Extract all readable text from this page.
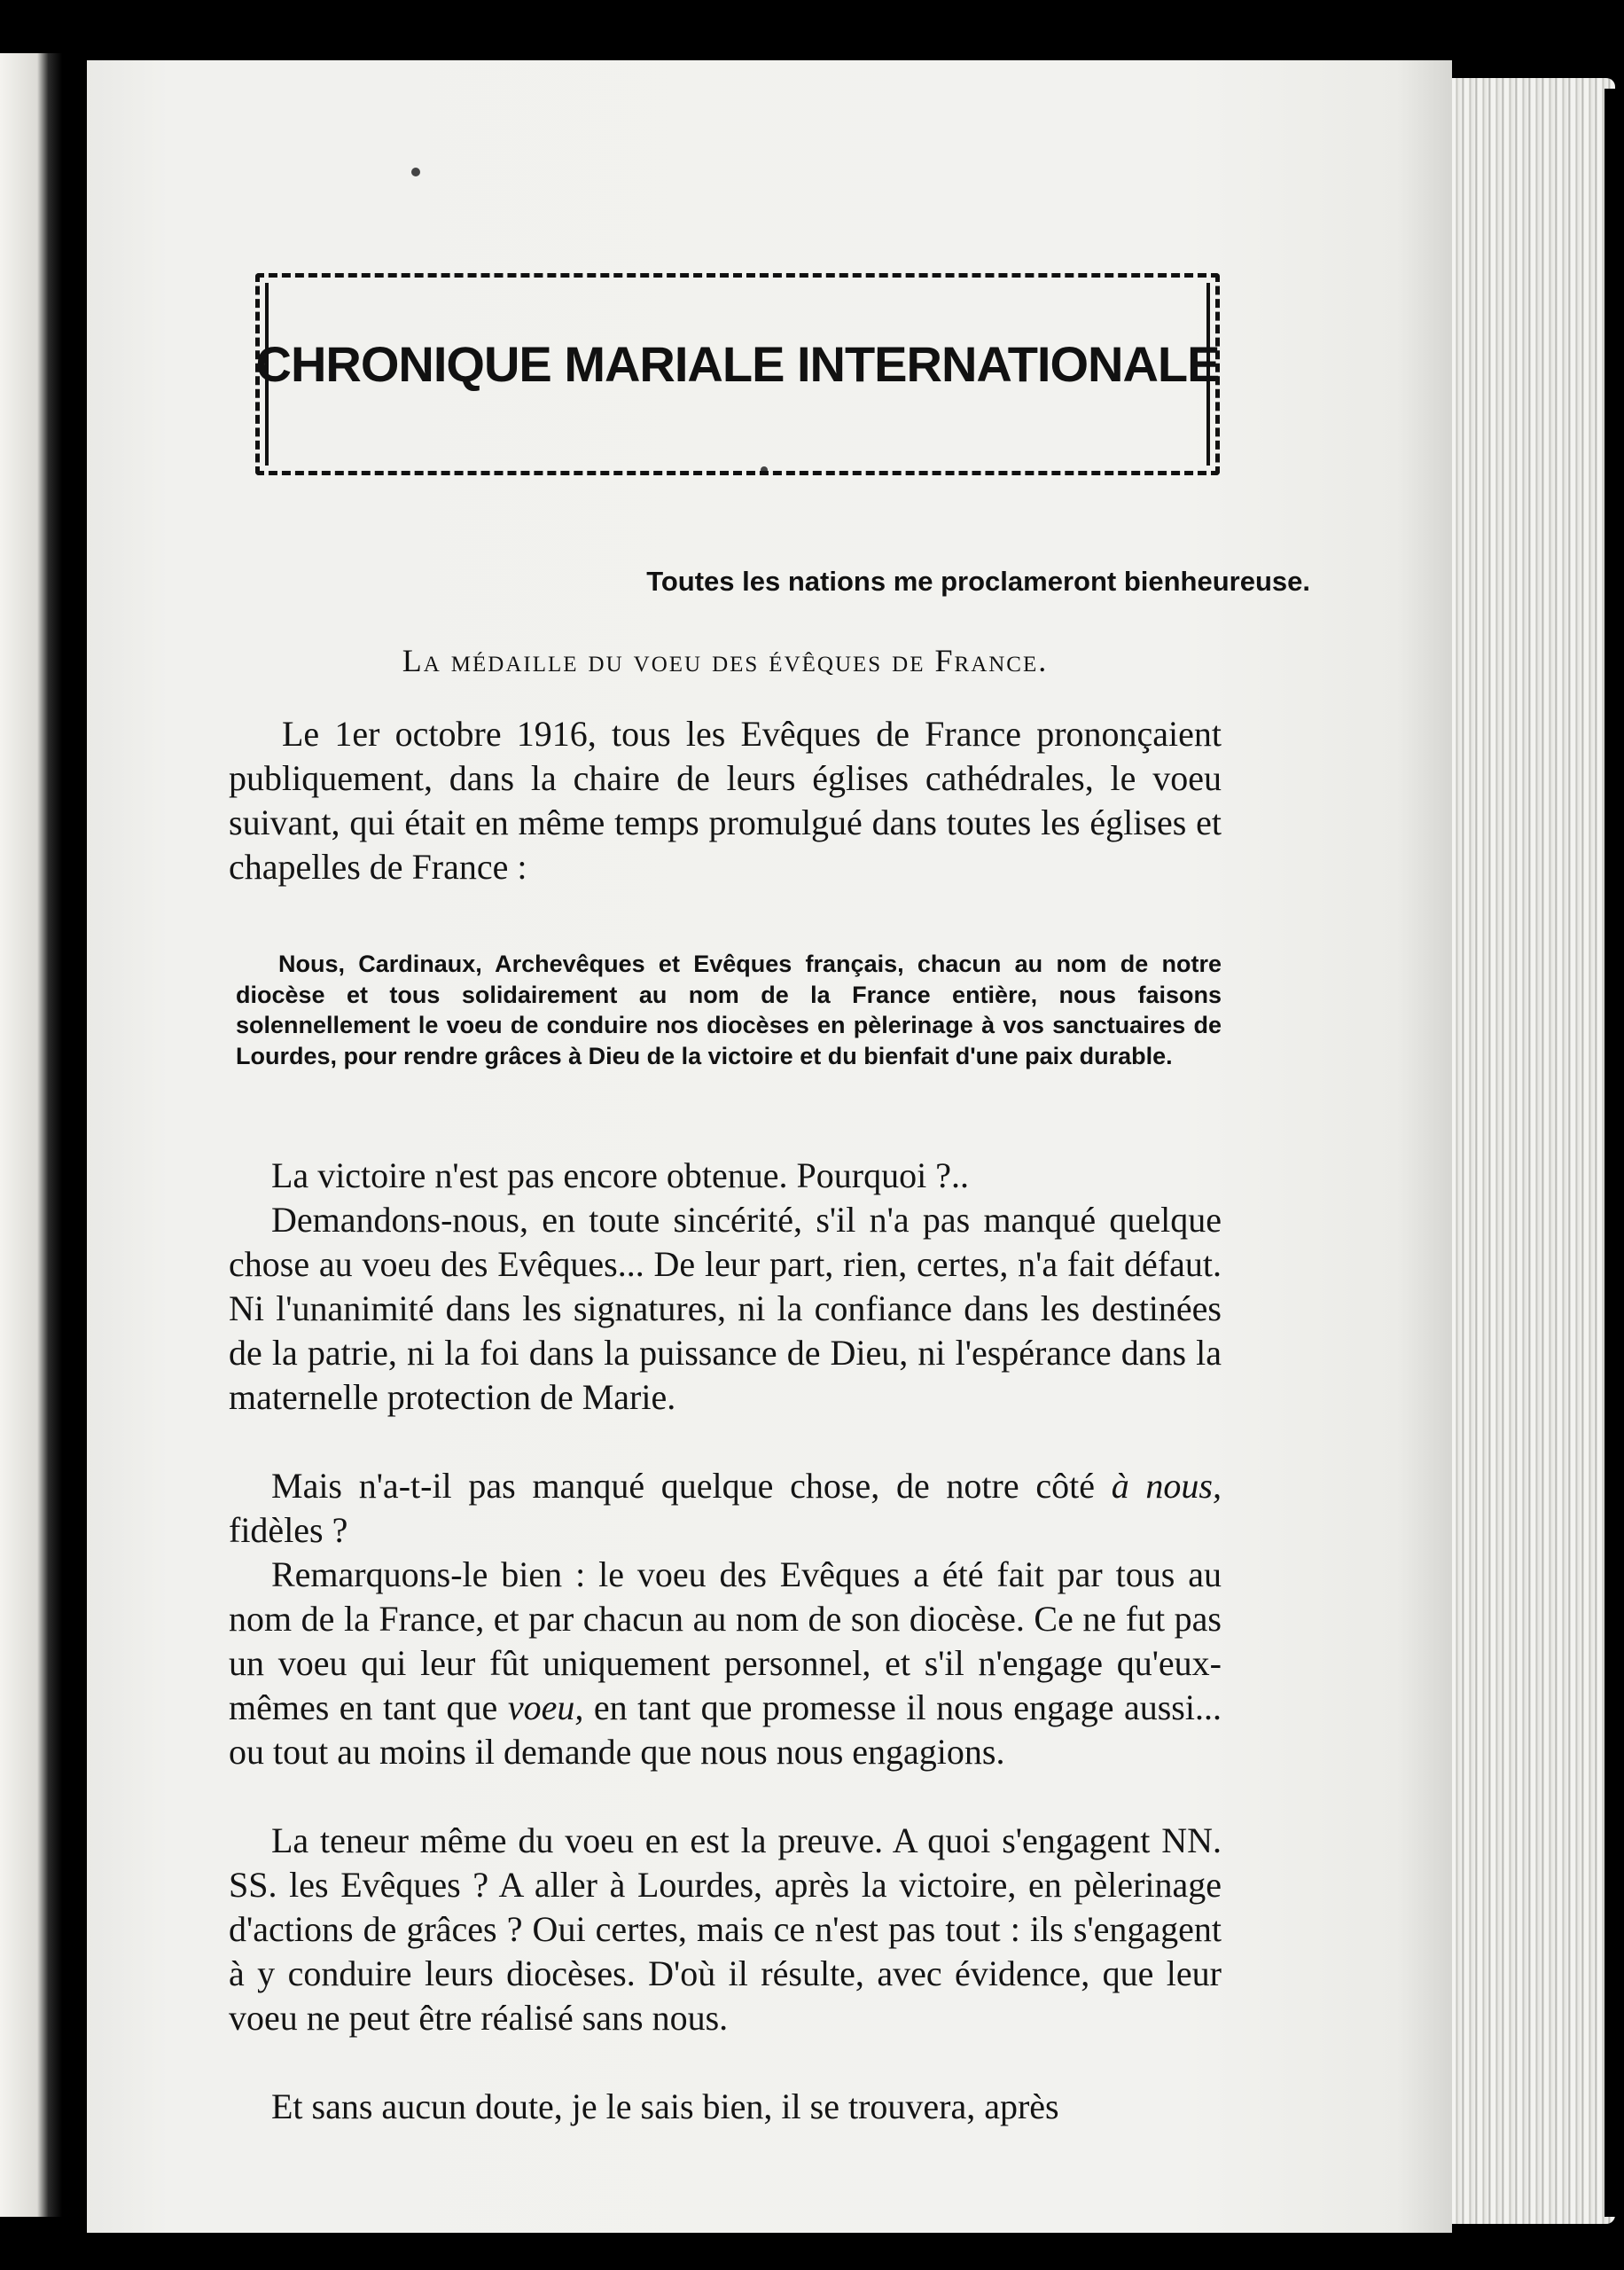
CHRONIQUE MARIALE INTERNATIONALE
Toutes les nations me proclameront bienheureuse.
La médaille du voeu des évêques de France.
Le 1er octobre 1916, tous les Evêques de France prononçaient publiquement, dans la chaire de leurs églises cathédrales, le voeu suivant, qui était en même temps promulgué dans toutes les églises et chapelles de France :
Nous, Cardinaux, Archevêques et Evêques français, chacun au nom de notre diocèse et tous solidairement au nom de la France entière, nous faisons solennellement le voeu de conduire nos diocèses en pèlerinage à vos sanctuaires de Lourdes, pour rendre grâces à Dieu de la victoire et du bienfait d'une paix durable.
La victoire n'est pas encore obtenue. Pourquoi ?..
Demandons-nous, en toute sincérité, s'il n'a pas manqué quelque chose au voeu des Evêques... De leur part, rien, certes, n'a fait défaut. Ni l'unanimité dans les signatures, ni la confiance dans les destinées de la patrie, ni la foi dans la puissance de Dieu, ni l'espérance dans la maternelle protection de Marie.
Mais n'a-t-il pas manqué quelque chose, de notre côté à nous, fidèles ?
Remarquons-le bien : le voeu des Evêques a été fait par tous au nom de la France, et par chacun au nom de son diocèse. Ce ne fut pas un voeu qui leur fût uniquement personnel, et s'il n'engage qu'eux-mêmes en tant que voeu, en tant que promesse il nous engage aussi... ou tout au moins il demande que nous nous engagions.
La teneur même du voeu en est la preuve. A quoi s'engagent NN. SS. les Evêques ? A aller à Lourdes, après la victoire, en pèlerinage d'actions de grâces ? Oui certes, mais ce n'est pas tout : ils s'engagent à y conduire leurs diocèses. D'où il résulte, avec évidence, que leur voeu ne peut être réalisé sans nous.
Et sans aucun doute, je le sais bien, il se trouvera, après
